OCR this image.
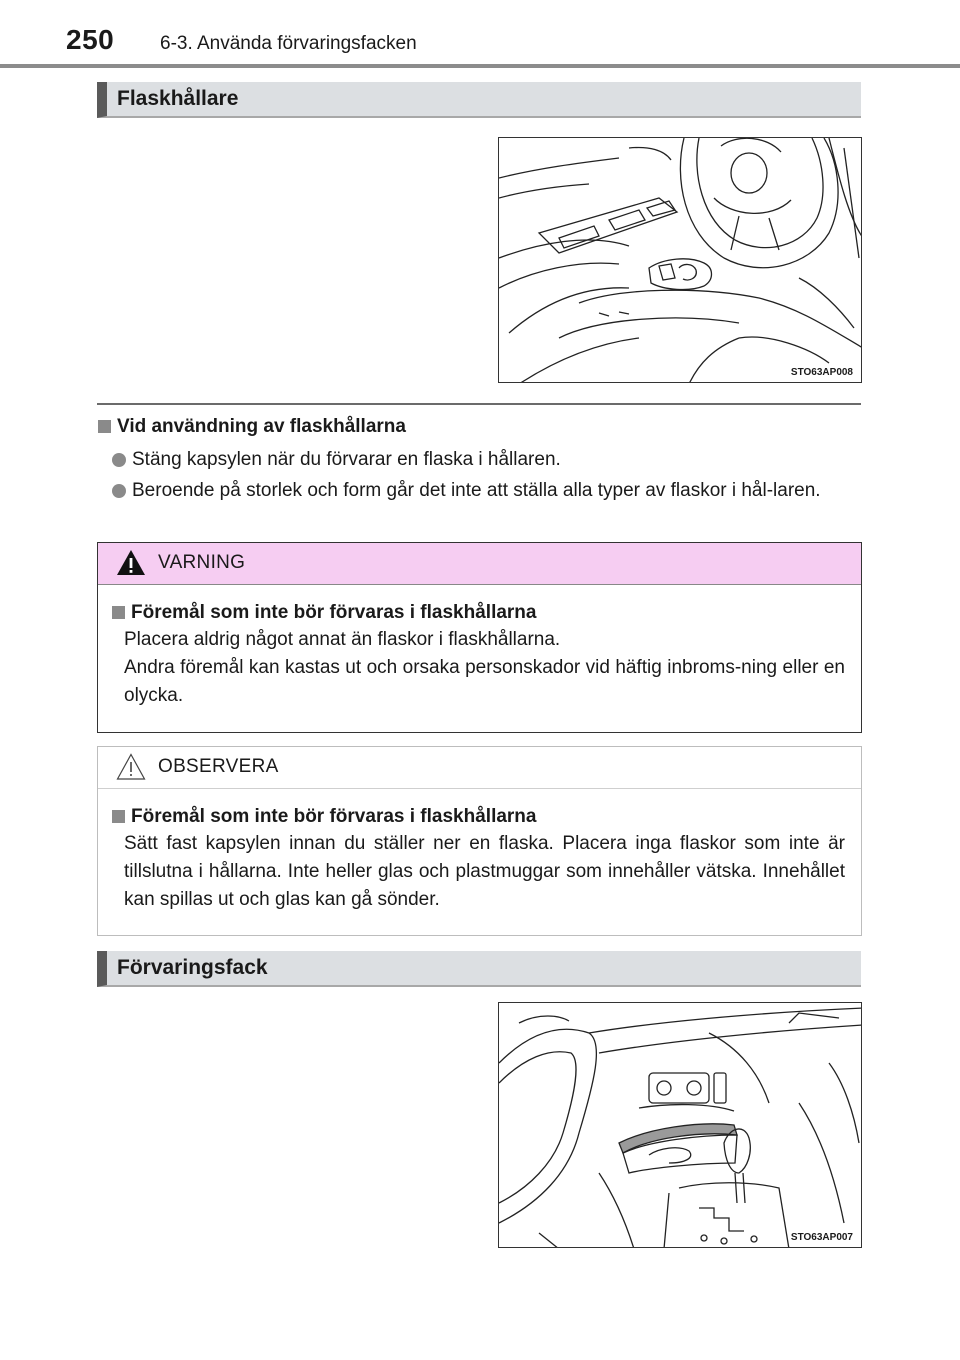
250 6-3. Använda förvaringsfacken
Flaskhållare
STO63AP008
Vid användning av flaskhållarna
Stäng kapsylen när du förvarar en flaska i hållaren.
Beroende på storlek och form går det inte att ställa alla typer av flaskor i hål-laren.
VARNING
Föremål som inte bör förvaras i flaskhållarna

Placera aldrig något annat än flaskor i flaskhållarna.

Andra föremål kan kastas ut och orsaka personskador vid häftig inbroms-ning eller en olycka.

OBSERVERA
Föremål som inte bör förvaras i flaskhållarna

Sätt fast kapsylen innan du ställer ner en flaska. Placera inga flaskor som inte är tillslutna i hållarna. Inte heller glas och plastmuggar som innehåller vätska. Innehållet kan spillas ut och glas kan gå sönder.

Förvaringsfack
STO63AP007
